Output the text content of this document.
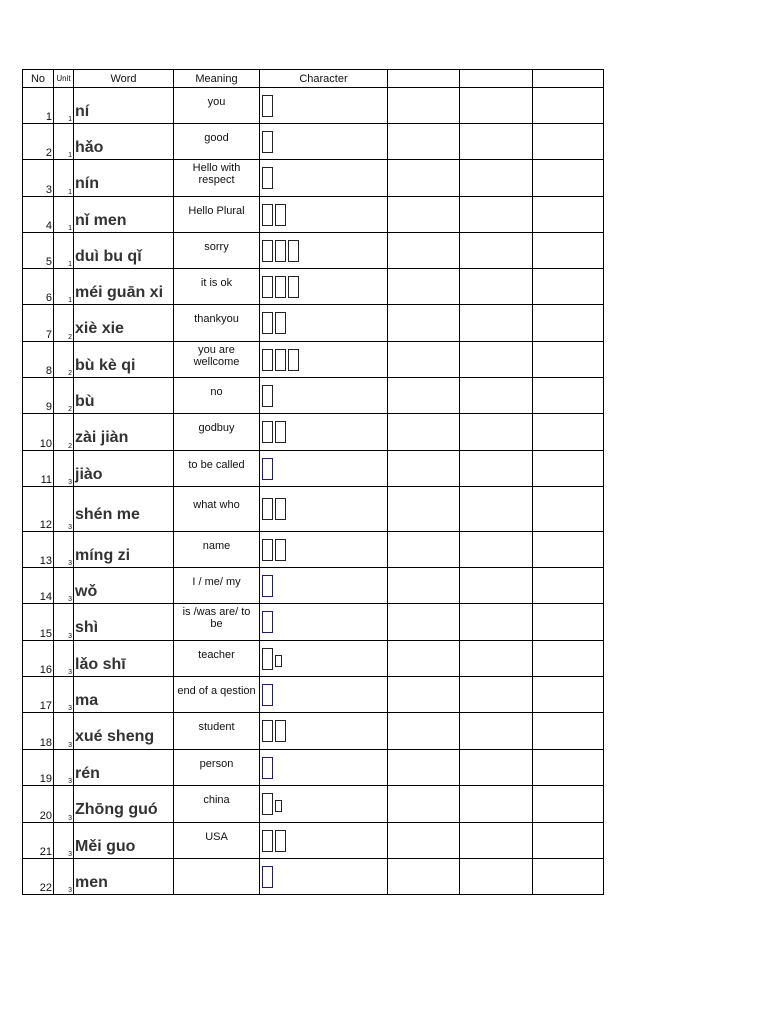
No	Unit	Word	Meaning	Character			
1	1	ní	you				

2	1	hǎo	good				

3	1	nín	Hello with respect				

4	1	nǐ men	Hello Plural				

5	1	duì bu qǐ	sorry				

6	1	méi guān xi	it is ok				

7	2	xiè xie	thankyou				

8	2	bù kè qi	you are wellcome				

9	2	bù	no				

10	2	zài jiàn	godbuy				

11	3	jiào	to be called				

12	3	shén me	what who				

13	3	míng zi	name				

14	3	wǒ	I / me/ my				

15	3	shì	is /was are/ to be				

16	3	lǎo shī	teacher				

17	3	ma	end of a qestion				

18	3	xué sheng	student				

19	3	rén	person				

20	3	Zhōng guó	china				

21	3	Měi guo	USA				

22	3	men	
